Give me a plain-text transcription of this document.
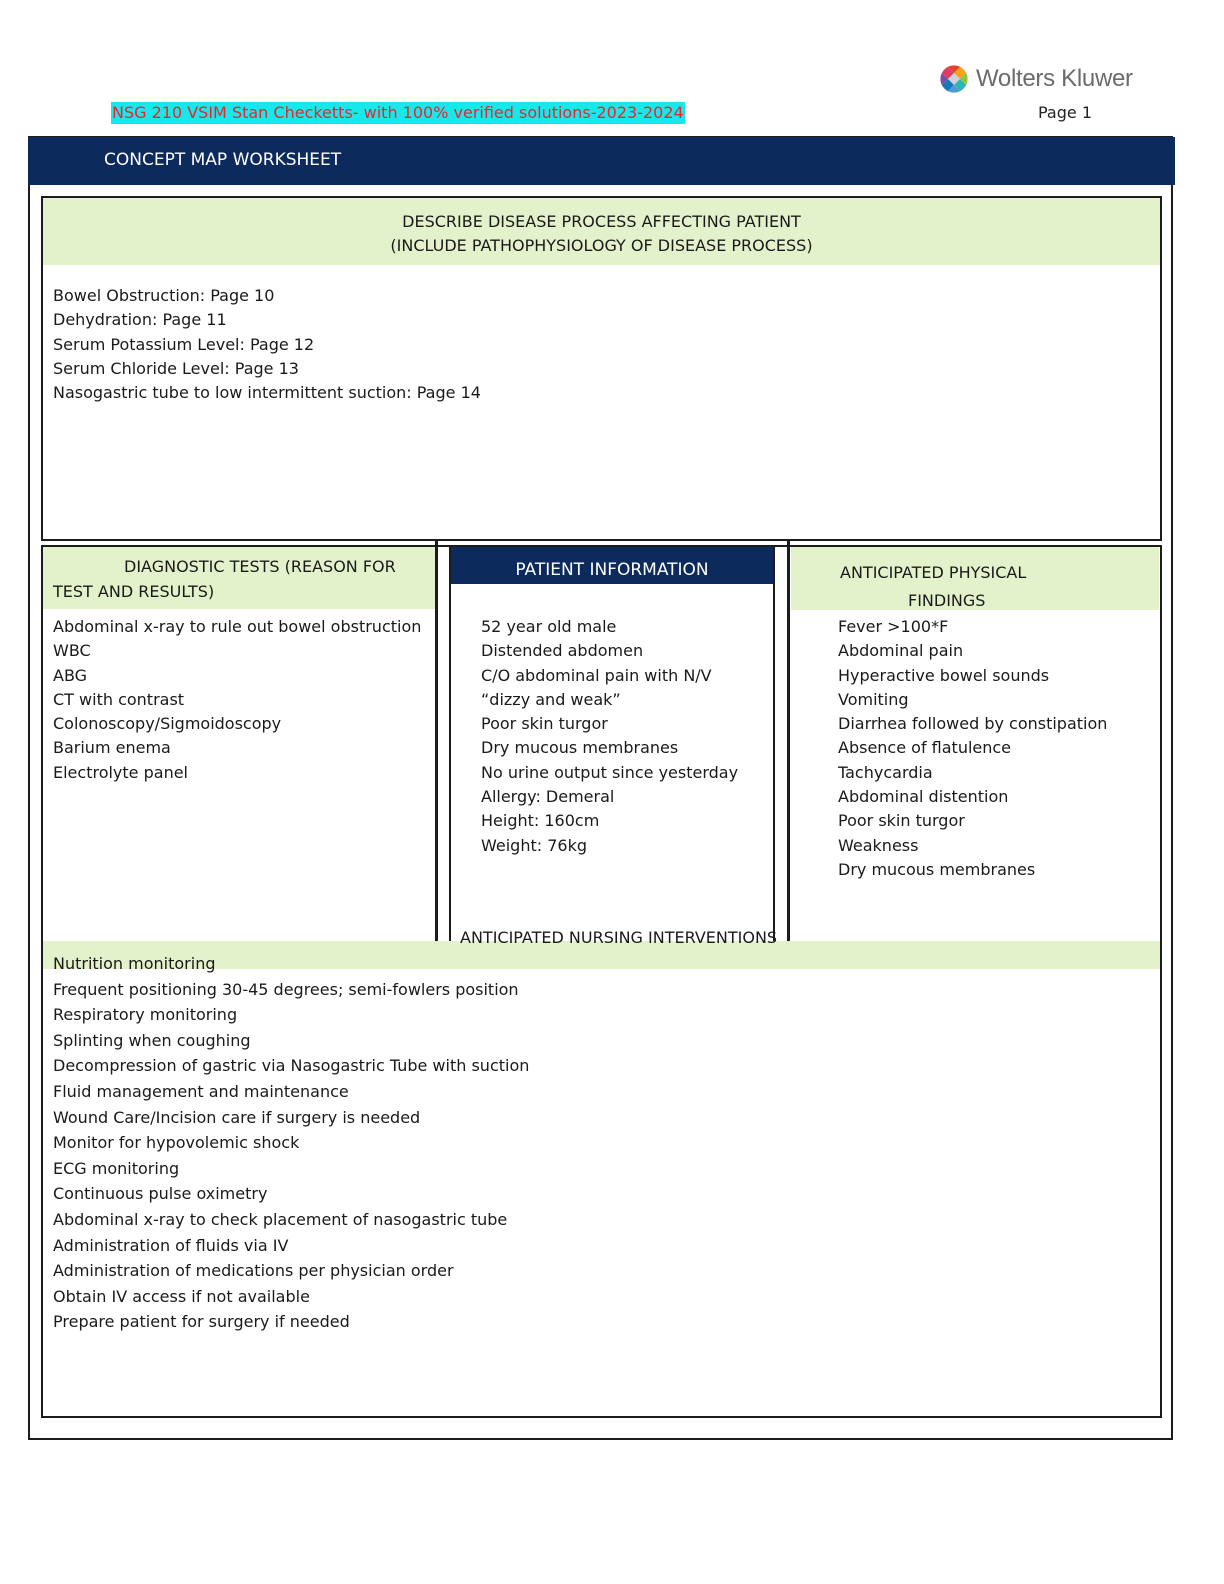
Wolters Kluwer
NSG 210 VSIM Stan Checketts- with 100% verified solutions-2023-2024	Page 1
CONCEPT MAP WORKSHEET
DESCRIBE DISEASE PROCESS AFFECTING PATIENT
(INCLUDE PATHOPHYSIOLOGY OF DISEASE PROCESS)
Bowel Obstruction: Page 10
Dehydration: Page 11
Serum Potassium Level: Page 12
Serum Chloride Level: Page 13
Nasogastric tube to low intermittent suction: Page 14
DIAGNOSTIC TESTS (REASON FOR
TEST AND RESULTS)
Abdominal x-ray to rule out bowel obstruction
WBC
ABG
CT with contrast
Colonoscopy/Sigmoidoscopy
Barium enema
Electrolyte panel
PATIENT INFORMATION
52 year old male
Distended abdomen
C/O abdominal pain with N/V
“dizzy and weak”
Poor skin turgor
Dry mucous membranes
No urine output since yesterday
Allergy: Demeral
Height: 160cm
Weight: 76kg
ANTICIPATED PHYSICAL
FINDINGS
Fever >100*F
Abdominal pain
Hyperactive bowel sounds
Vomiting
Diarrhea followed by constipation
Absence of flatulence
Tachycardia
Abdominal distention
Poor skin turgor
Weakness
Dry mucous membranes
ANTICIPATED NURSING INTERVENTIONS
Nutrition monitoring
Frequent positioning 30-45 degrees; semi-fowlers position
Respiratory monitoring
Splinting when coughing
Decompression of gastric via Nasogastric Tube with suction
Fluid management and maintenance
Wound Care/Incision care if surgery is needed
Monitor for hypovolemic shock
ECG monitoring
Continuous pulse oximetry
Abdominal x-ray to check placement of nasogastric tube
Administration of fluids via IV
Administration of medications per physician order
Obtain IV access if not available
Prepare patient for surgery if needed
